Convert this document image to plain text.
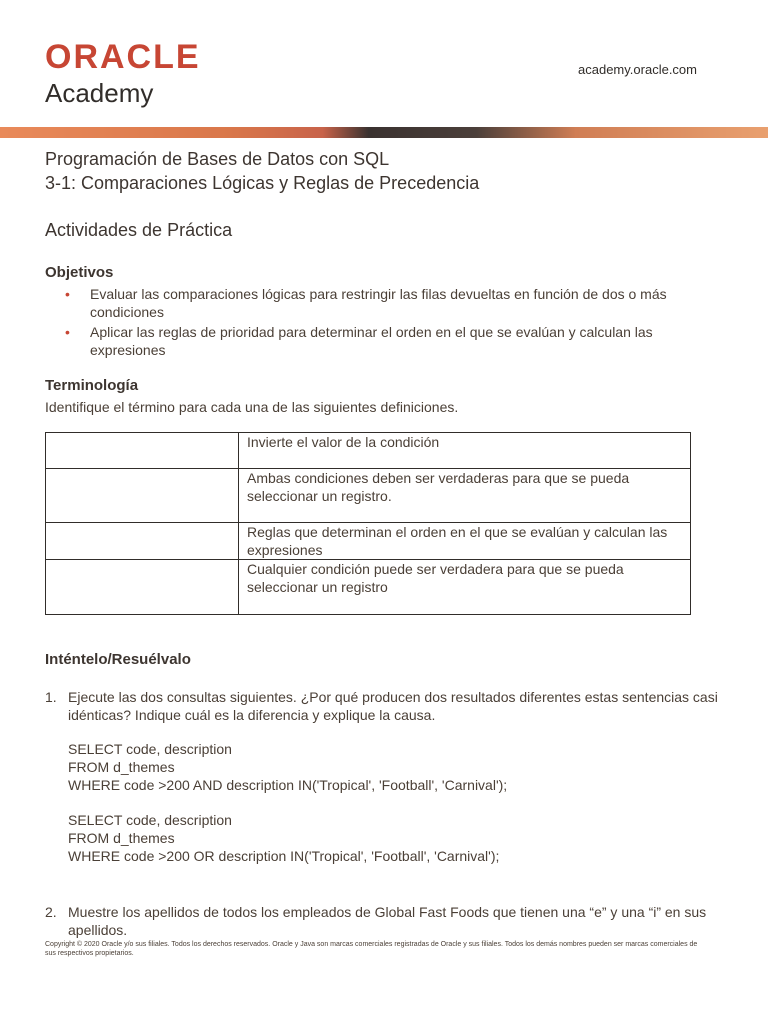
ORACLE
Academy
academy.oracle.com
Programación de Bases de Datos con SQL
3-1: Comparaciones Lógicas y Reglas de Precedencia
Actividades de Práctica
Objetivos
• Evaluar las comparaciones lógicas para restringir las filas devueltas en función de dos o más condiciones
• Aplicar las reglas de prioridad para determinar el orden en el que se evalúan y calculan las expresiones
Terminología
Identifique el término para cada una de las siguientes definiciones.
	Invierte el valor de la condición
	Ambas condiciones deben ser verdaderas para que se pueda seleccionar un registro.
	Reglas que determinan el orden en el que se evalúan y calculan las expresiones
	Cualquier condición puede ser verdadera para que se pueda seleccionar un registro
Inténtelo/Resuélvalo
1. Ejecute las dos consultas siguientes. ¿Por qué producen dos resultados diferentes estas sentencias casi idénticas? Indique cuál es la diferencia y explique la causa.
SELECT code, description
FROM d_themes
WHERE code >200 AND description IN('Tropical', 'Football', 'Carnival');
SELECT code, description
FROM d_themes
WHERE code >200 OR description IN('Tropical', 'Football', 'Carnival');
2. Muestre los apellidos de todos los empleados de Global Fast Foods que tienen una “e” y una “i” en sus apellidos.
Copyright © 2020 Oracle y/o sus filiales. Todos los derechos reservados. Oracle y Java son marcas comerciales registradas de Oracle y sus filiales. Todos los demás nombres pueden ser marcas comerciales de sus respectivos propietarios.
